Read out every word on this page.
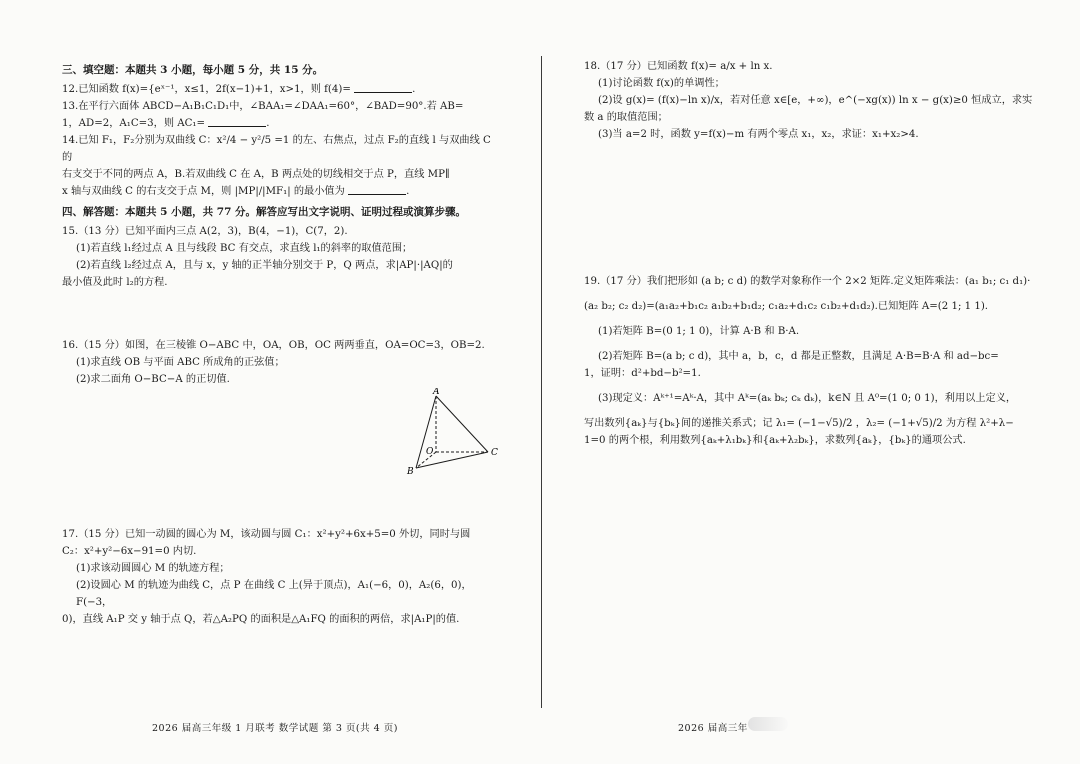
三、填空题：本题共 3 小题，每小题 5 分，共 15 分。

12.已知函数 f(x)={eˣ⁻¹，x≤1，2f(x−1)+1，x>1，则 f(4)=	.

13.在平行六面体 ABCD−A₁B₁C₁D₁中，∠BAA₁=∠DAA₁=60°，∠BAD=90°.若 AB=

1，AD=2，A₁C=3，则 AC₁=	.

14.已知 F₁，F₂分别为双曲线 C：x²/4 − y²/5 =1 的左、右焦点，过点 F₂的直线 l 与双曲线 C 的

右支交于不同的两点 A，B.若双曲线 C 在 A，B 两点处的切线相交于点 P，直线 MP∥

x 轴与双曲线 C 的右支交于点 M，则 |MP|/|MF₁| 的最小值为	.

四、解答题：本题共 5 小题，共 77 分。解答应写出文字说明、证明过程或演算步骤。

15.（13 分）已知平面内三点 A(2，3)，B(4，−1)，C(7，2).

(1)若直线 l₁经过点 A 且与线段 BC 有交点，求直线 l₁的斜率的取值范围；

(2)若直线 l₂经过点 A，且与 x，y 轴的正半轴分别交于 P，Q 两点，求|AP|·|AQ|的

最小值及此时 l₂的方程.

16.（15 分）如图，在三棱锥 O−ABC 中，OA，OB，OC 两两垂直，OA=OC=3，OB=2.

(1)求直线 OB 与平面 ABC 所成角的正弦值；

(2)求二面角 O−BC−A 的正切值.

17.（15 分）已知一动圆的圆心为 M，该动圆与圆 C₁：x²+y²+6x+5=0 外切，同时与圆

C₂：x²+y²−6x−91=0 内切.

(1)求该动圆圆心 M 的轨迹方程；

(2)设圆心 M 的轨迹为曲线 C，点 P 在曲线 C 上(异于顶点)，A₁(−6，0)，A₂(6，0)，F(−3，

0)，直线 A₁P 交 y 轴于点 Q，若△A₂PQ 的面积是△A₁FQ 的面积的两倍，求|A₁P|的值.

A
O
B
C

18.（17 分）已知函数 f(x)= a/x + ln x.

(1)讨论函数 f(x)的单调性；

(2)设 g(x)= (f(x)−ln x)/x，若对任意 x∈[e，+∞)，e^(−xg(x)) ln x − g(x)≥0 恒成立，求实

数 a 的取值范围；

(3)当 a=2 时，函数 y=f(x)−m 有两个零点 x₁，x₂，求证：x₁+x₂>4.

19.（17 分）我们把形如 (a b; c d) 的数学对象称作一个 2×2 矩阵.定义矩阵乘法：(a₁ b₁; c₁ d₁)·

(a₂ b₂; c₂ d₂)=(a₁a₂+b₁c₂ a₁b₂+b₁d₂; c₁a₂+d₁c₂ c₁b₂+d₁d₂).已知矩阵 A=(2 1; 1 1).

(1)若矩阵 B=(0 1; 1 0)，计算 A·B 和 B·A.

(2)若矩阵 B=(a b; c d)，其中 a，b，c，d 都是正整数，且满足 A·B=B·A 和 ad−bc=

1，证明：d²+bd−b²=1.

(3)现定义：Aᵏ⁺¹=Aᵏ·A，其中 Aᵏ=(aₖ bₖ; cₖ dₖ)，k∈N 且 A⁰=(1 0; 0 1)，利用以上定义，

写出数列{aₖ}与{bₖ}间的递推关系式；记 λ₁= (−1−√5)/2 ，λ₂= (−1+√5)/2 为方程 λ²+λ−

1=0 的两个根，利用数列{aₖ+λ₁bₖ}和{aₖ+λ₂bₖ}，求数列{aₖ}，{bₖ}的通项公式.

2026 届高三年级 1 月联考 数学试题 第 3 页(共 4 页)	2026 届高三年
